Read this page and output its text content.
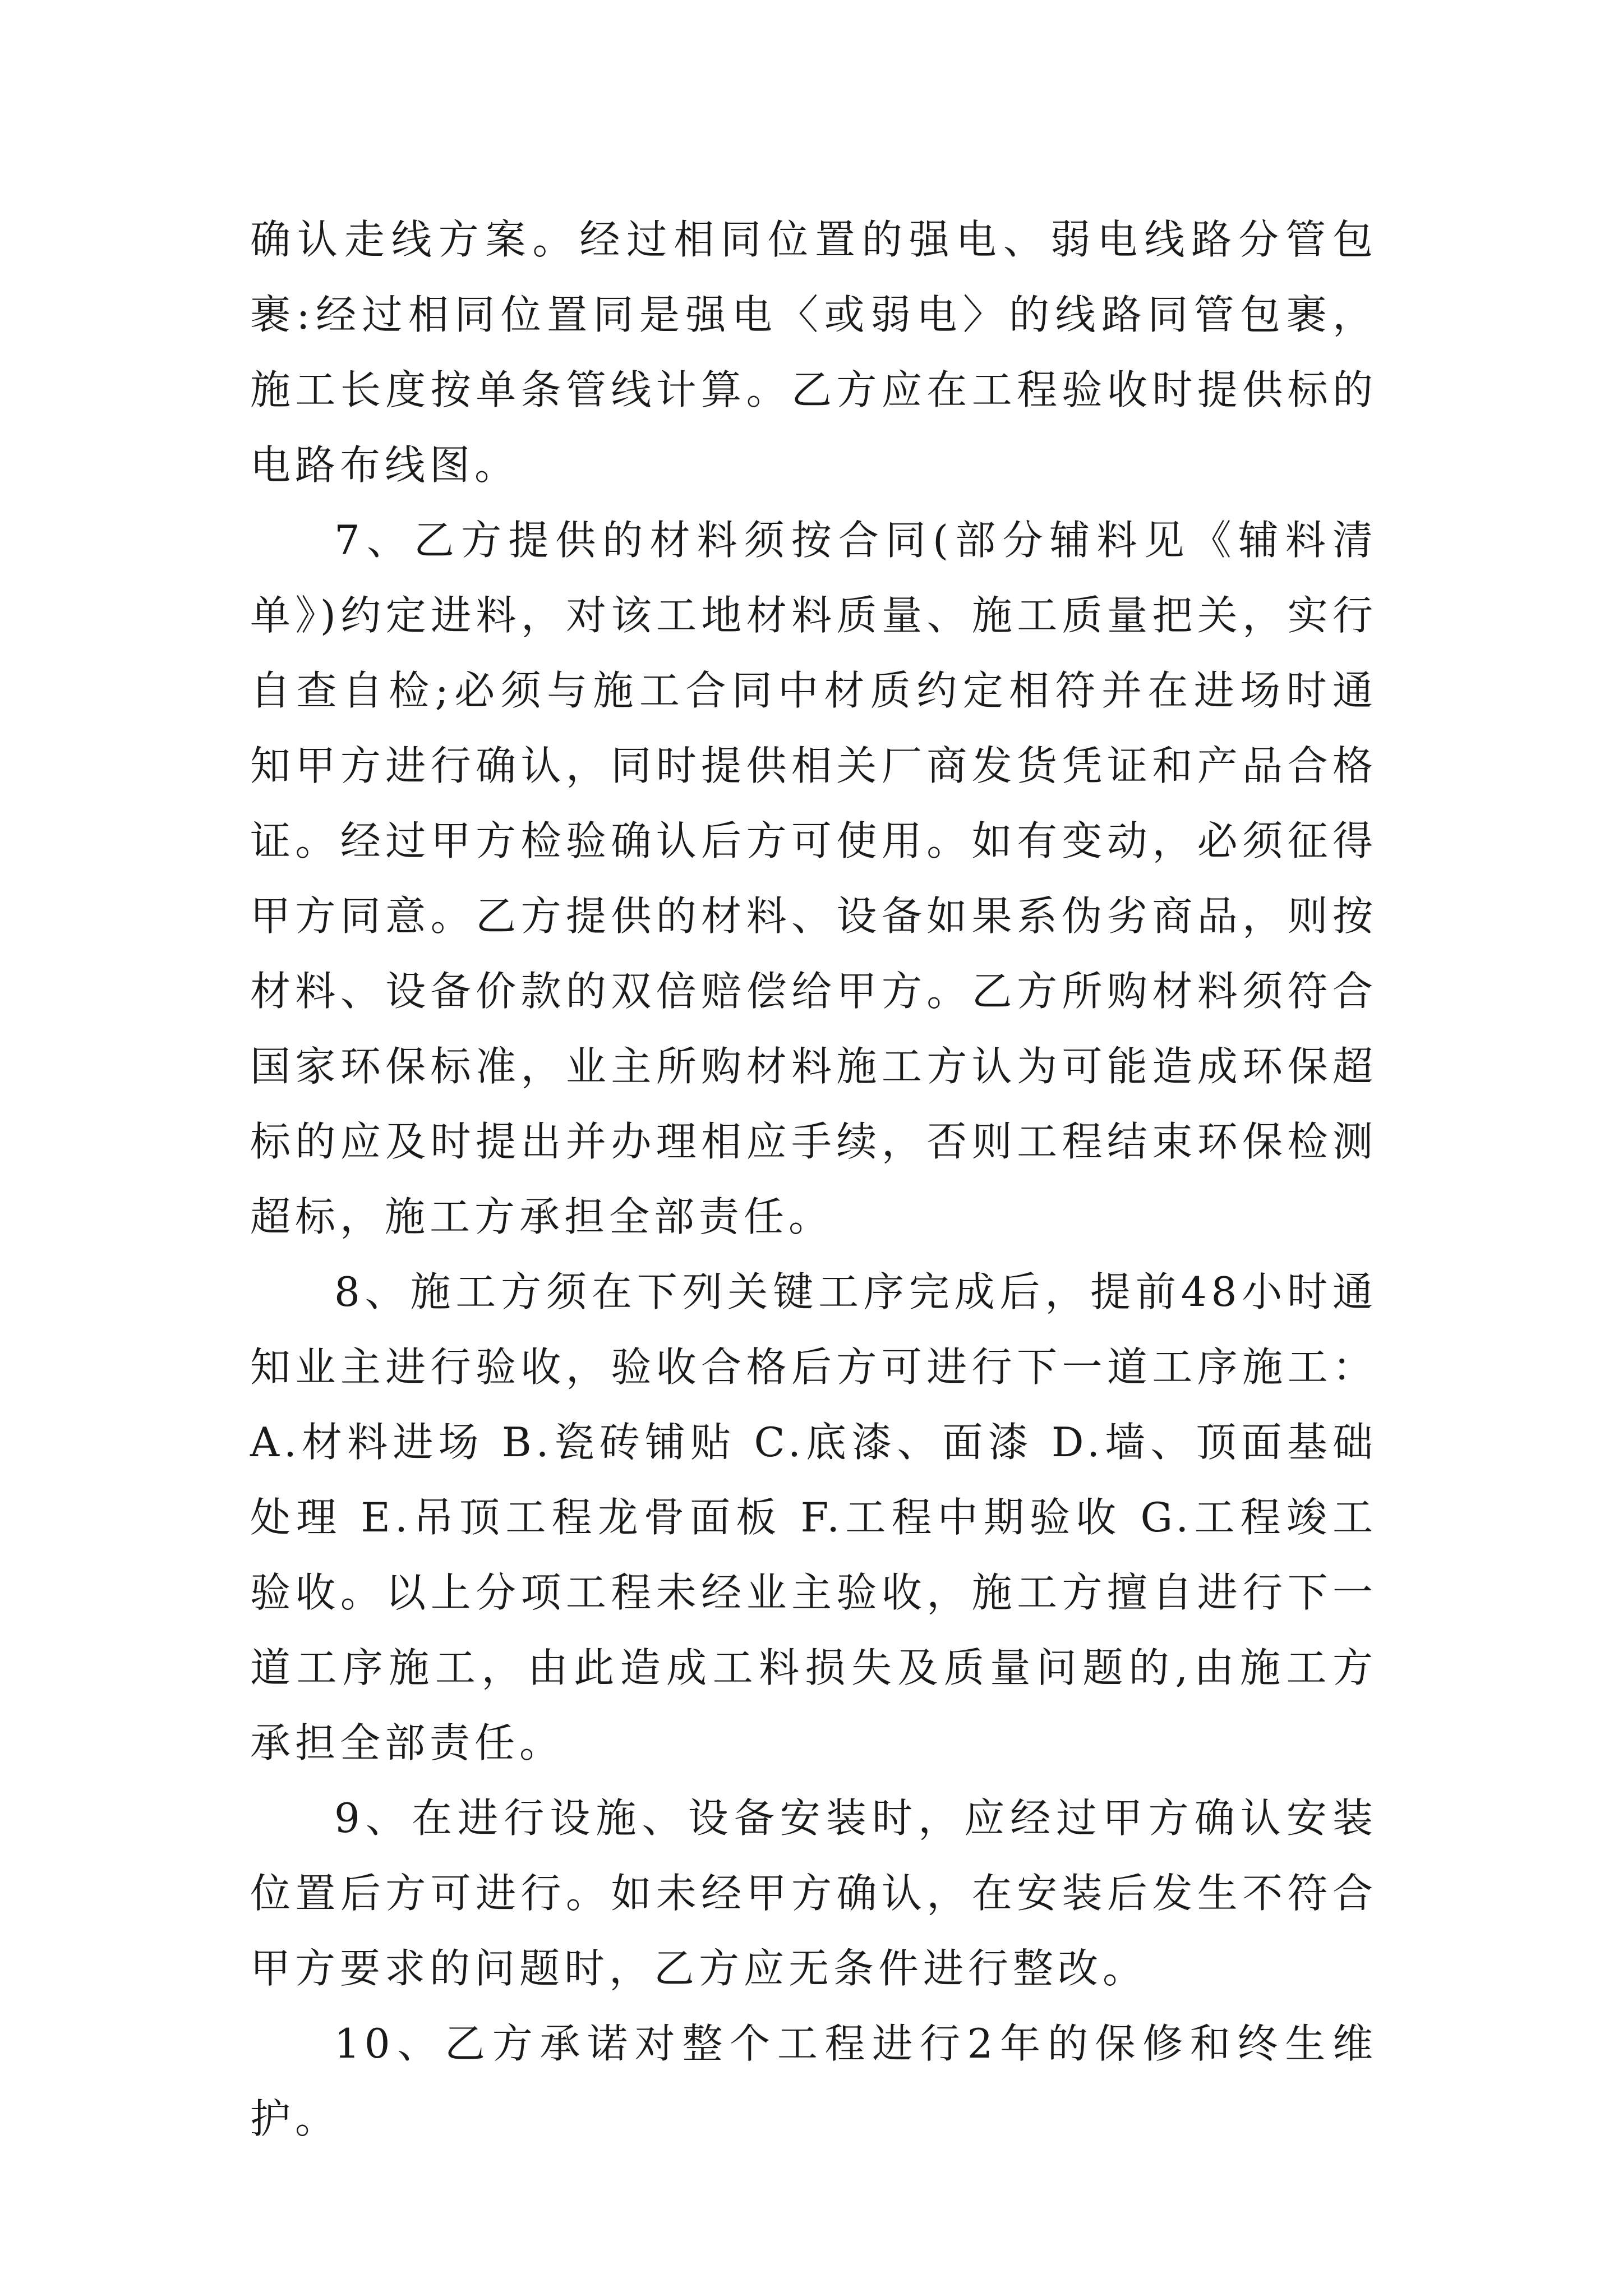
确认走线方案。经过相同位置的强电、弱电线路分管包裹:经过相同位置同是强电〈或弱电〉的线路同管包裹，施工长度按单条管线计算。乙方应在工程验收时提供标的电路布线图。

7、乙方提供的材料须按合同(部分辅料见《辅料清单》)约定进料，对该工地材料质量、施工质量把关，实行自查自检;必须与施工合同中材质约定相符并在进场时通知甲方进行确认，同时提供相关厂商发货凭证和产品合格证。经过甲方检验确认后方可使用。如有变动，必须征得甲方同意。乙方提供的材料、设备如果系伪劣商品，则按材料、设备价款的双倍赔偿给甲方。乙方所购材料须符合国家环保标准，业主所购材料施工方认为可能造成环保超标的应及时提出并办理相应手续，否则工程结束环保检测超标，施工方承担全部责任。

8、施工方须在下列关键工序完成后，提前48小时通知业主进行验收，验收合格后方可进行下一道工序施工：A.材料进场 B.瓷砖铺贴 C.底漆、面漆 D.墙、顶面基础处理 E.吊顶工程龙骨面板 F.工程中期验收 G.工程竣工验收。以上分项工程未经业主验收，施工方擅自进行下一道工序施工，由此造成工料损失及质量问题的,由施工方承担全部责任。

9、在进行设施、设备安装时，应经过甲方确认安装位置后方可进行。如未经甲方确认，在安装后发生不符合甲方要求的问题时，乙方应无条件进行整改。

10、乙方承诺对整个工程进行2年的保修和终生维护。
